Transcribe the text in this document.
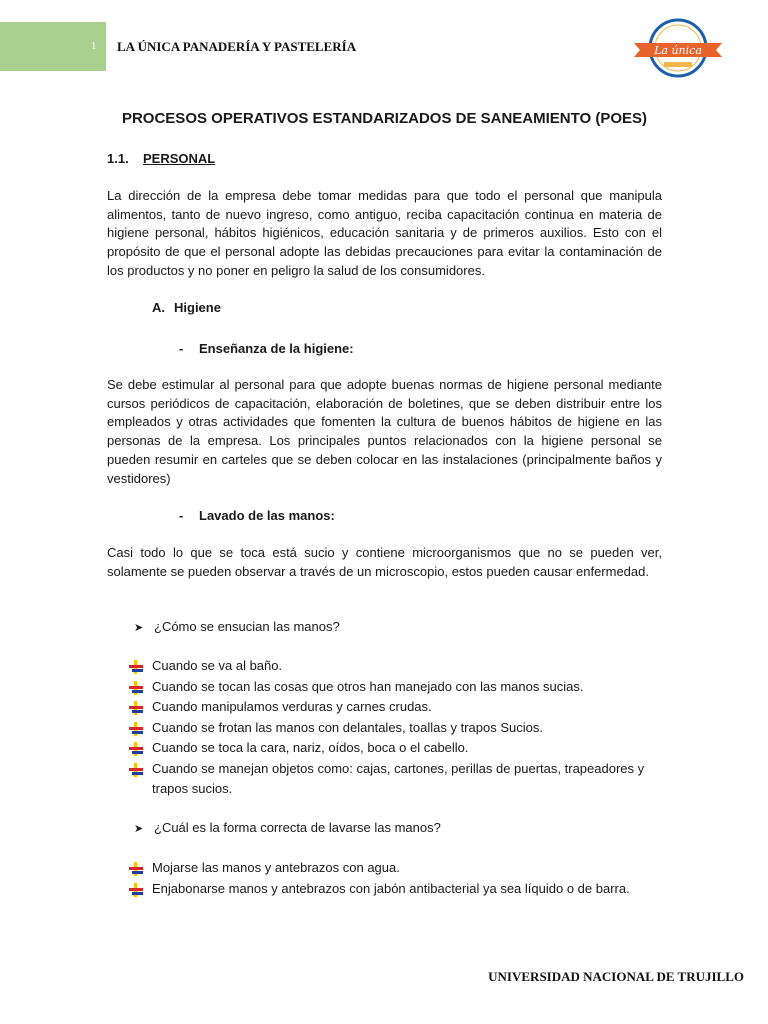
1 LA ÚNICA PANADERÍA Y PASTELERÍA	La única
PROCESOS OPERATIVOS ESTANDARIZADOS DE SANEAMIENTO (POES)
1.1. PERSONAL

La dirección de la empresa debe tomar medidas para que todo el personal que manipula alimentos, tanto de nuevo ingreso, como antiguo, reciba capacitación continua en materia de higiene personal, hábitos higiénicos, educación sanitaria y de primeros auxilios. Esto con el propósito de que el personal adopte las debidas precauciones para evitar la contaminación de los productos y no poner en peligro la salud de los consumidores.

A. Higiene
- Enseñanza de la higiene:

Se debe estimular al personal para que adopte buenas normas de higiene personal mediante cursos periódicos de capacitación, elaboración de boletines, que se deben distribuir entre los empleados y otras actividades que fomenten la cultura de buenos hábitos de higiene en las personas de la empresa. Los principales puntos relacionados con la higiene personal se pueden resumir en carteles que se deben colocar en las instalaciones (principalmente baños y vestidores)

- Lavado de las manos:

Casi todo lo que se toca está sucio y contiene microorganismos que no se pueden ver, solamente se pueden observar a través de un microscopio, estos pueden causar enfermedad.

➤ ¿Cómo se ensucian las manos?
Cuando se va al baño.
Cuando se tocan las cosas que otros han manejado con las manos sucias.
Cuando manipulamos verduras y carnes crudas.
Cuando se frotan las manos con delantales, toallas y trapos Sucios.
Cuando se toca la cara, nariz, oídos, boca o el cabello.
Cuando se manejan objetos como: cajas, cartones, perillas de puertas, trapeadores y trapos sucios.
➤ ¿Cuál es la forma correcta de lavarse las manos?
Mojarse las manos y antebrazos con agua.
Enjabonarse manos y antebrazos con jabón antibacterial ya sea líquido o de barra.
UNIVERSIDAD NACIONAL DE TRUJILLO
